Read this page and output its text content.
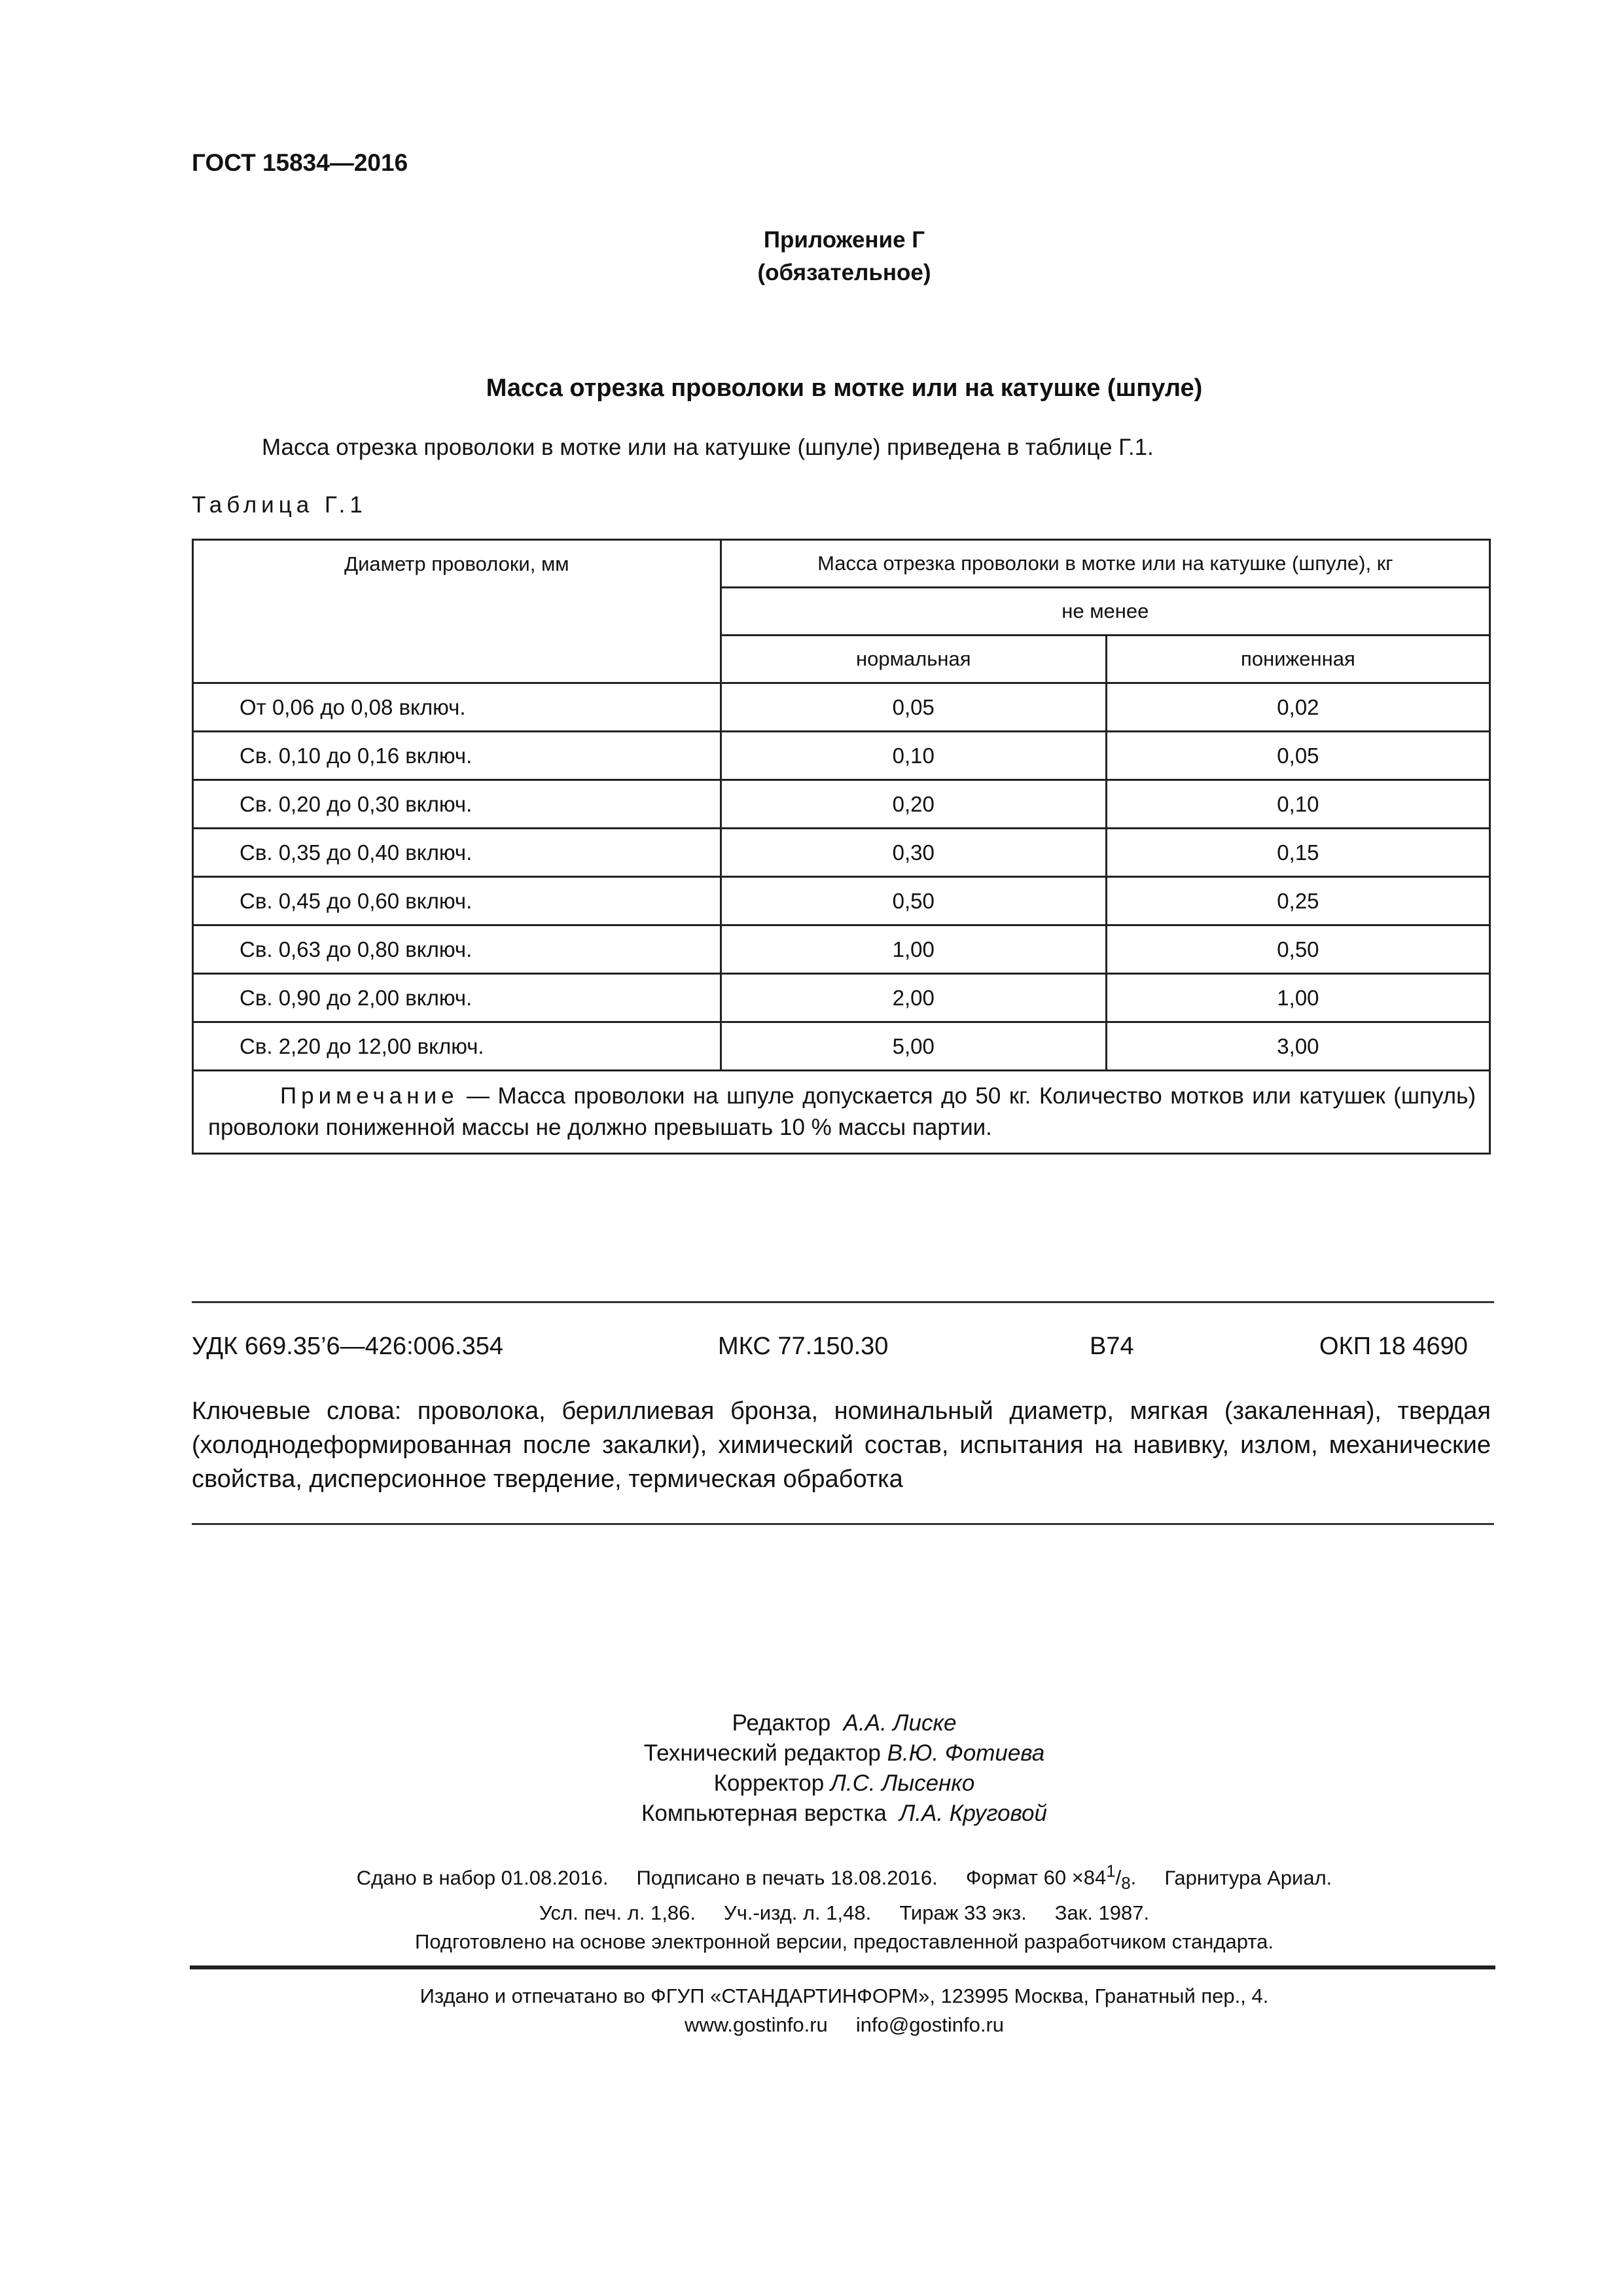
ГОСТ 15834—2016
Приложение Г
(обязательное)
Масса отрезка проволоки в мотке или на катушке (шпуле)
Масса отрезка проволоки в мотке или на катушке (шпуле) приведена в таблице Г.1.
Таблица Г.1
Диаметр проволоки, мм	Масса отрезка проволоки в мотке или на катушке (шпуле), кг	
	не менее	
	нормальная	пониженная
От 0,06 до 0,08 включ.	0,05	0,02
Св. 0,10 до 0,16 включ.	0,10	0,05
Св. 0,20 до 0,30 включ.	0,20	0,10
Св. 0,35 до 0,40 включ.	0,30	0,15
Св. 0,45 до 0,60 включ.	0,50	0,25
Св. 0,63 до 0,80 включ.	1,00	0,50
Св. 0,90 до 2,00 включ.	2,00	1,00
Св. 2,20 до 12,00 включ.	5,00	3,00
Примечание — Масса проволоки на шпуле допускается до 50 кг. Количество мотков или катушек (шпуль) проволоки пониженной массы не должно превышать 10 % массы партии.		
УДК 669.35’6—426:006.354	МКС 77.150.30	В74	ОКП 18 4690
Ключевые слова: проволока, бериллиевая бронза, номинальный диаметр, мягкая (закаленная), твердая (холоднодеформированная после закалки), химический состав, испытания на навивку, излом, механические свойства, дисперсионное твердение, термическая обработка
Редактор А.А. Лиске
Технический редактор В.Ю. Фотиева
Корректор Л.С. Лысенко
Компьютерная верстка Л.А. Круговой
Сдано в набор 01.08.2016. Подписано в печать 18.08.2016. Формат $60 \times 84^1/_8$. Гарнитура Ариал.
Усл. печ. л. 1,86. Уч.-изд. л. 1,48. Тираж 33 экз. Зак. 1987.
Подготовлено на основе электронной версии, предоставленной разработчиком стандарта.
Издано и отпечатано во ФГУП «СТАНДАРТИНФОРМ», 123995 Москва, Гранатный пер., 4.
www.gostinfo.ru info@gostinfo.ru
